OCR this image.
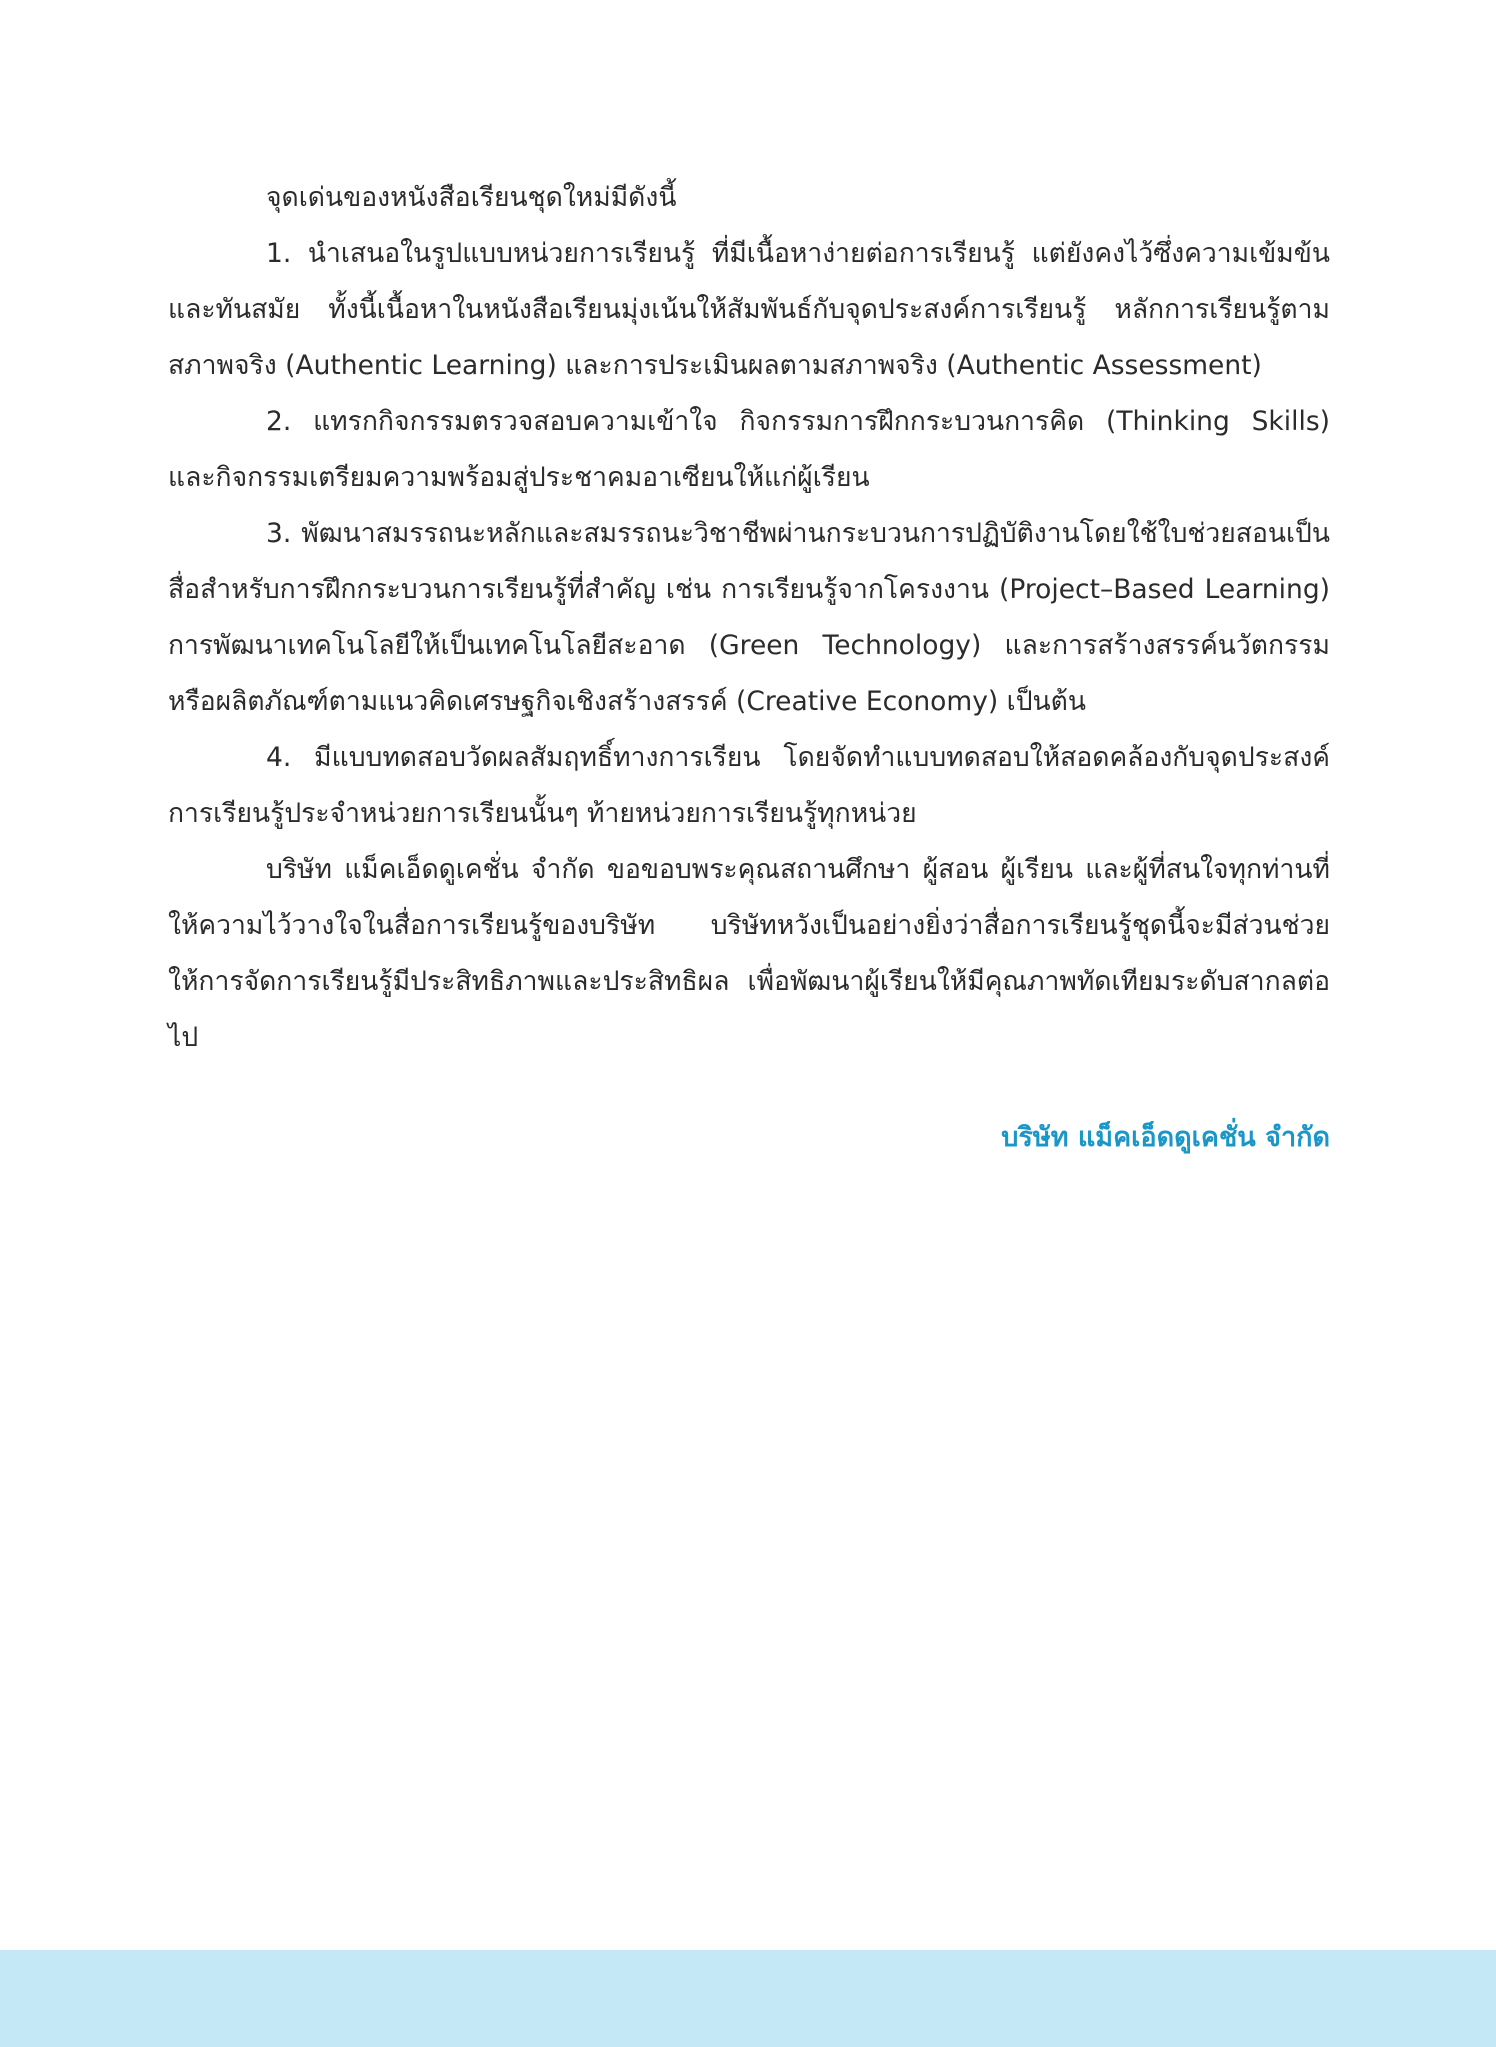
จุดเด่นของหนังสือเรียนชุดใหม่มีดังนี้

1. นำเสนอในรูปแบบหน่วยการเรียนรู้ ที่มีเนื้อหาง่ายต่อการเรียนรู้ แต่ยังคงไว้ซึ่งความเข้มข้นและทันสมัย ทั้งนี้เนื้อหาในหนังสือเรียนมุ่งเน้นให้สัมพันธ์กับจุดประสงค์การเรียนรู้ หลักการเรียนรู้ตามสภาพจริง (Authentic Learning) และการประเมินผลตามสภาพจริง (Authentic Assessment)

2. แทรกกิจกรรมตรวจสอบความเข้าใจ กิจกรรมการฝึกกระบวนการคิด (Thinking Skills) และกิจกรรมเตรียมความพร้อมสู่ประชาคมอาเซียนให้แก่ผู้เรียน

3. พัฒนาสมรรถนะหลักและสมรรถนะวิชาชีพผ่านกระบวนการปฏิบัติงานโดยใช้ใบช่วยสอนเป็นสื่อสำหรับการฝึกกระบวนการเรียนรู้ที่สำคัญ เช่น การเรียนรู้จากโครงงาน (Project–Based Learning) การพัฒนาเทคโนโลยีให้เป็นเทคโนโลยีสะอาด (Green Technology) และการสร้างสรรค์นวัตกรรมหรือผลิตภัณฑ์ตามแนวคิดเศรษฐกิจเชิงสร้างสรรค์ (Creative Economy) เป็นต้น

4. มีแบบทดสอบวัดผลสัมฤทธิ์ทางการเรียน โดยจัดทำแบบทดสอบให้สอดคล้องกับจุดประสงค์การเรียนรู้ประจำหน่วยการเรียนนั้นๆ ท้ายหน่วยการเรียนรู้ทุกหน่วย

บริษัท แม็คเอ็ดดูเคชั่น จำกัด ขอขอบพระคุณสถานศึกษา ผู้สอน ผู้เรียน และผู้ที่สนใจทุกท่านที่ให้ความไว้วางใจในสื่อการเรียนรู้ของบริษัท บริษัทหวังเป็นอย่างยิ่งว่าสื่อการเรียนรู้ชุดนี้จะมีส่วนช่วยให้การจัดการเรียนรู้มีประสิทธิภาพและประสิทธิผล เพื่อพัฒนาผู้เรียนให้มีคุณภาพทัดเทียมระดับสากลต่อไป

บริษัท แม็คเอ็ดดูเคชั่น จำกัด
